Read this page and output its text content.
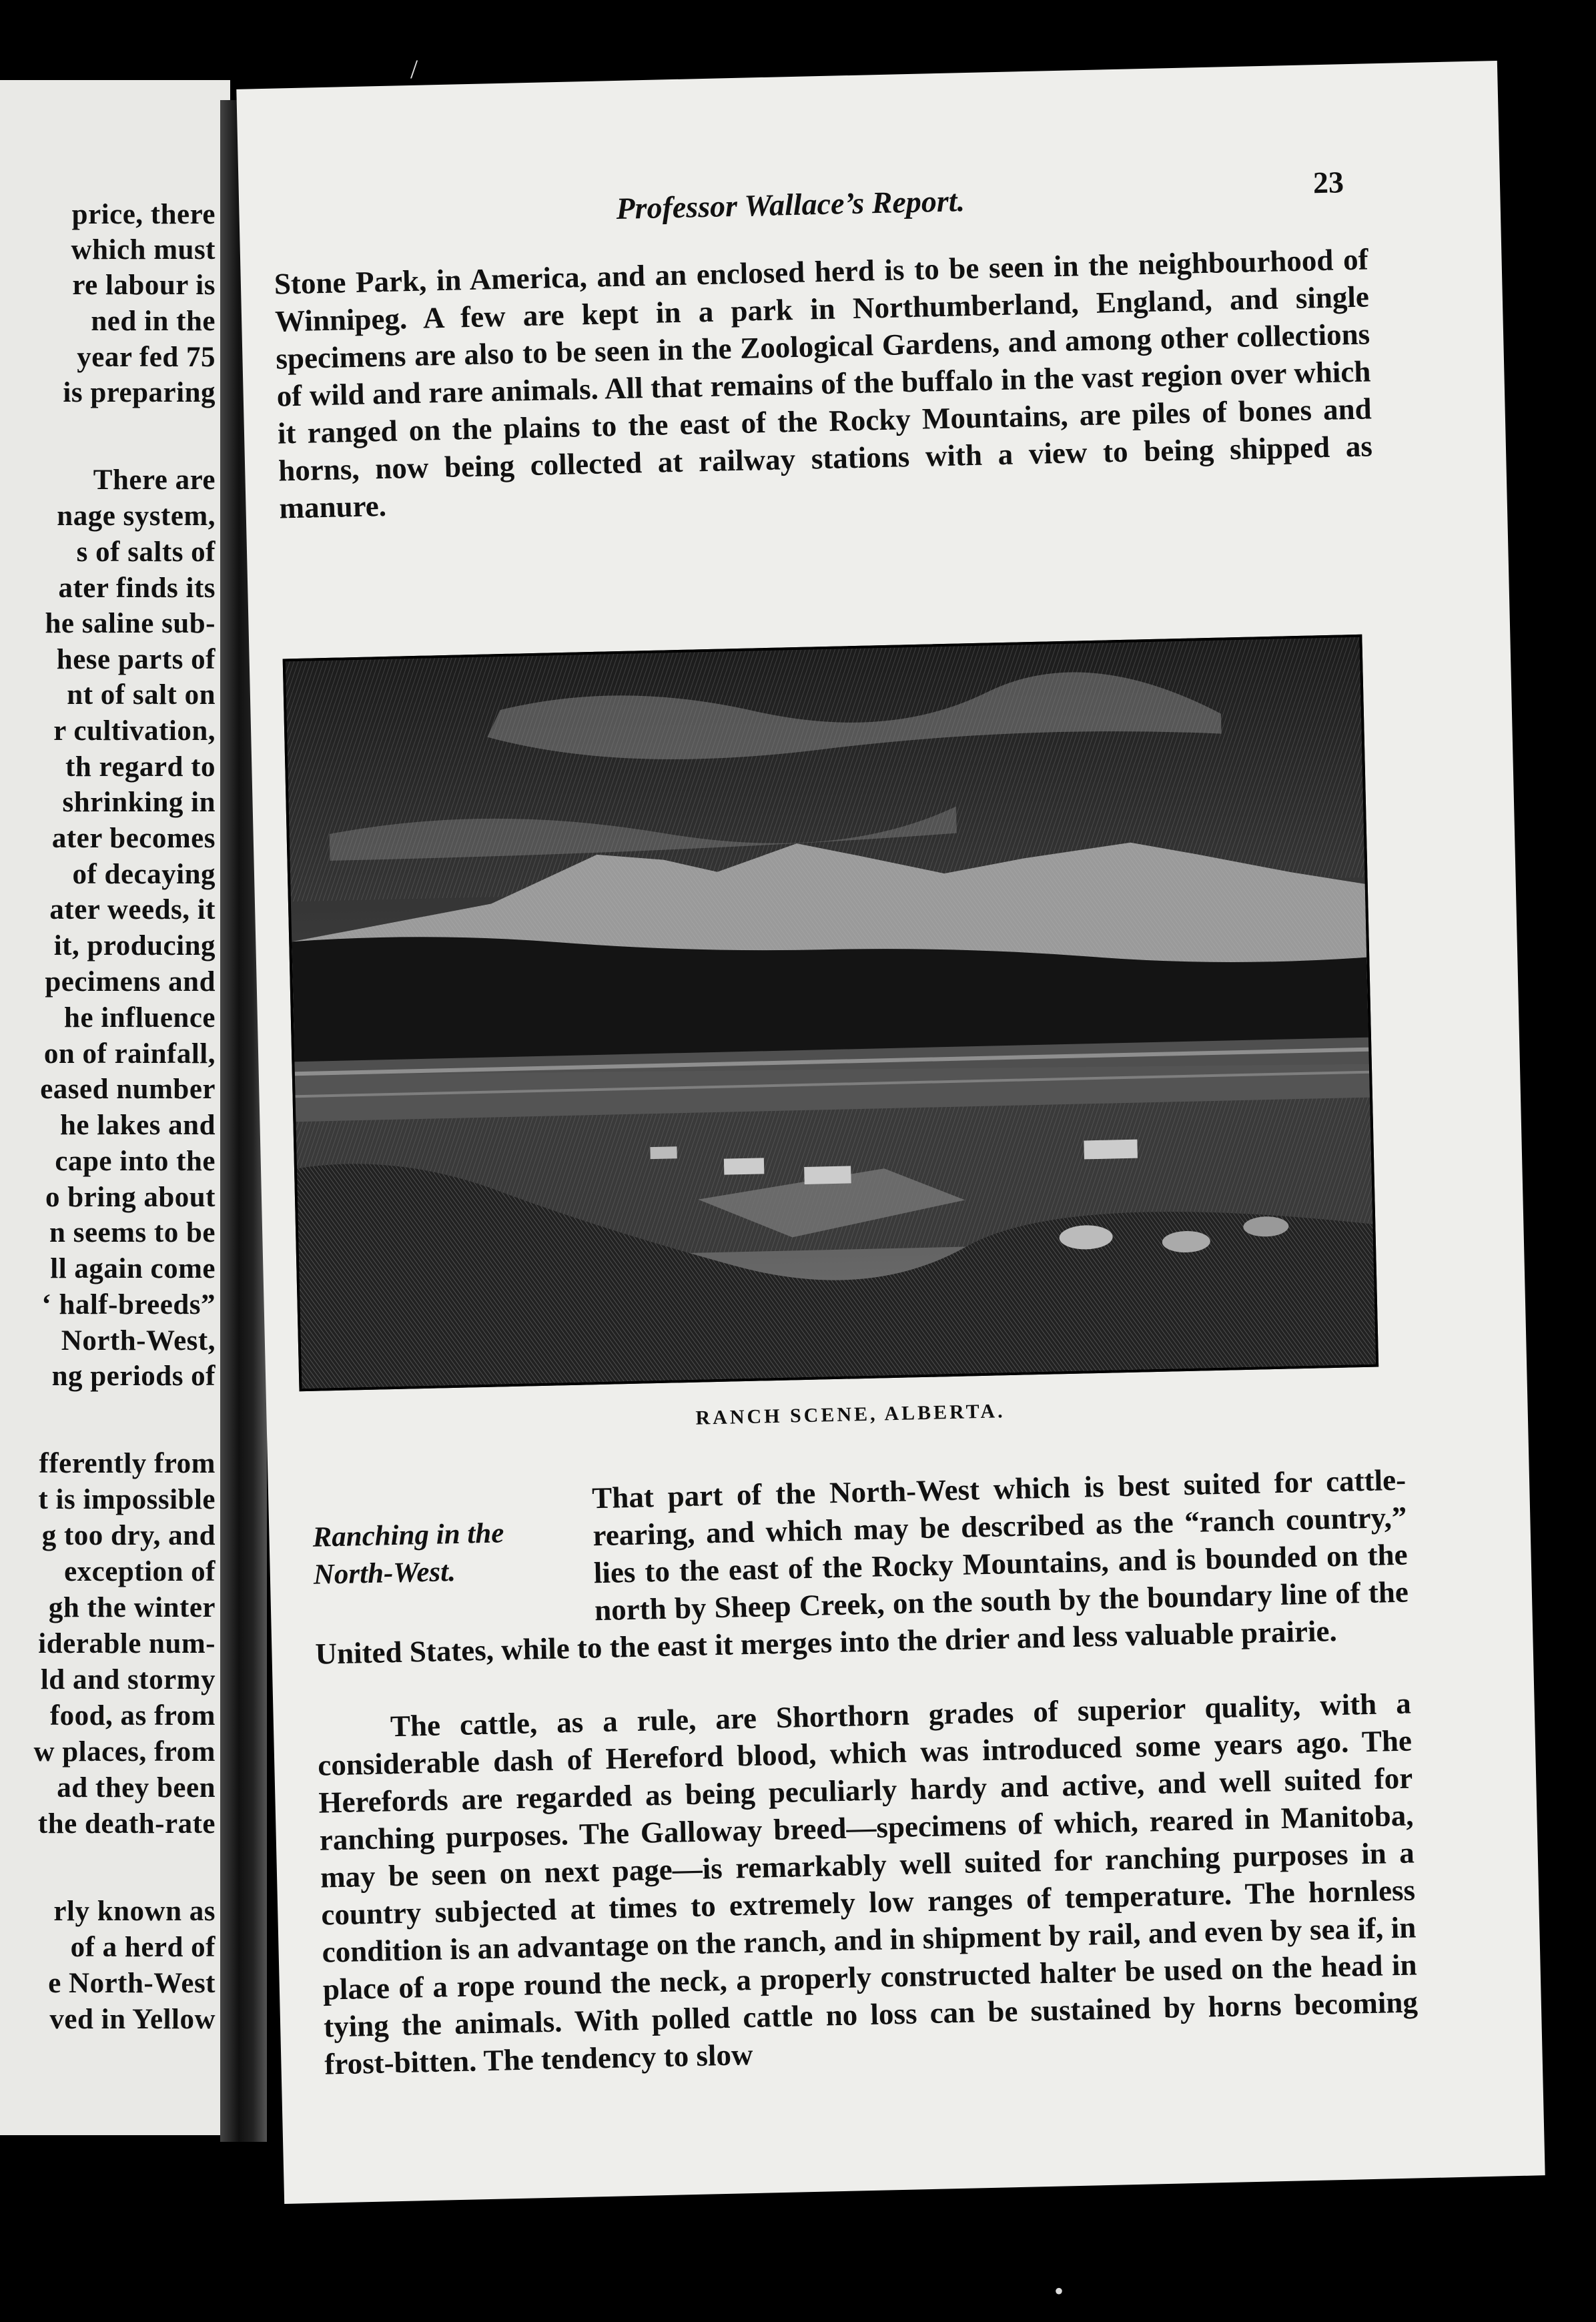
price, there
which must
re labour is
ned in the
year fed 75
is preparing
There are
nage system,
s of salts of
ater finds its
he saline sub-
hese parts of
nt of salt on
r cultivation,
th regard to
shrinking in
ater becomes
of decaying
ater weeds, it
it, producing
pecimens and
he influence
on of rainfall,
eased number
he lakes and
cape into the
o bring about
n seems to be
ll again come
‘ half-breeds”
North-West,
ng periods of
fferently from
t is impossible
g too dry, and
exception of
gh the winter
iderable num-
ld and stormy
food, as from
w places, from
ad they been
the death-rate
rly known as
of a herd of
e North-West
ved in Yellow
Professor Wallace’s Report.
23
Stone Park, in America, and an enclosed herd is to be seen in the neighbourhood of Winnipeg. A few are kept in a park in Northumberland, England, and single specimens are also to be seen in the Zoological Gardens, and among other collections of wild and rare animals. All that remains of the buffalo in the vast region over which it ranged on the plains to the east of the Rocky Mountains, are piles of bones and horns, now being collected at railway stations with a view to being shipped as manure.
RANCH SCENE, ALBERTA.
Ranching in the North-West.
That part of the North-West which is best suited for cattle-rearing, and which may be described as the “ranch country,” lies to the east of the Rocky Mountains, and is bounded on the north by Sheep Creek, on the south by the boundary line of the United States, while to the east it merges into the drier and less valuable prairie.
The cattle, as a rule, are Shorthorn grades of superior quality, with a considerable dash of Hereford blood, which was introduced some years ago. The Herefords are regarded as being peculiarly hardy and active, and well suited for ranching purposes. The Galloway breed—specimens of which, reared in Manitoba, may be seen on next page—is remarkably well suited for ranching purposes in a country subjected at times to extremely low ranges of temperature. The hornless condition is an advantage on the ranch, and in shipment by rail, and even by sea if, in place of a rope round the neck, a properly constructed halter be used on the head in tying the animals. With polled cattle no loss can be sustained by horns becoming frost-bitten. The tendency to slow
/
•
